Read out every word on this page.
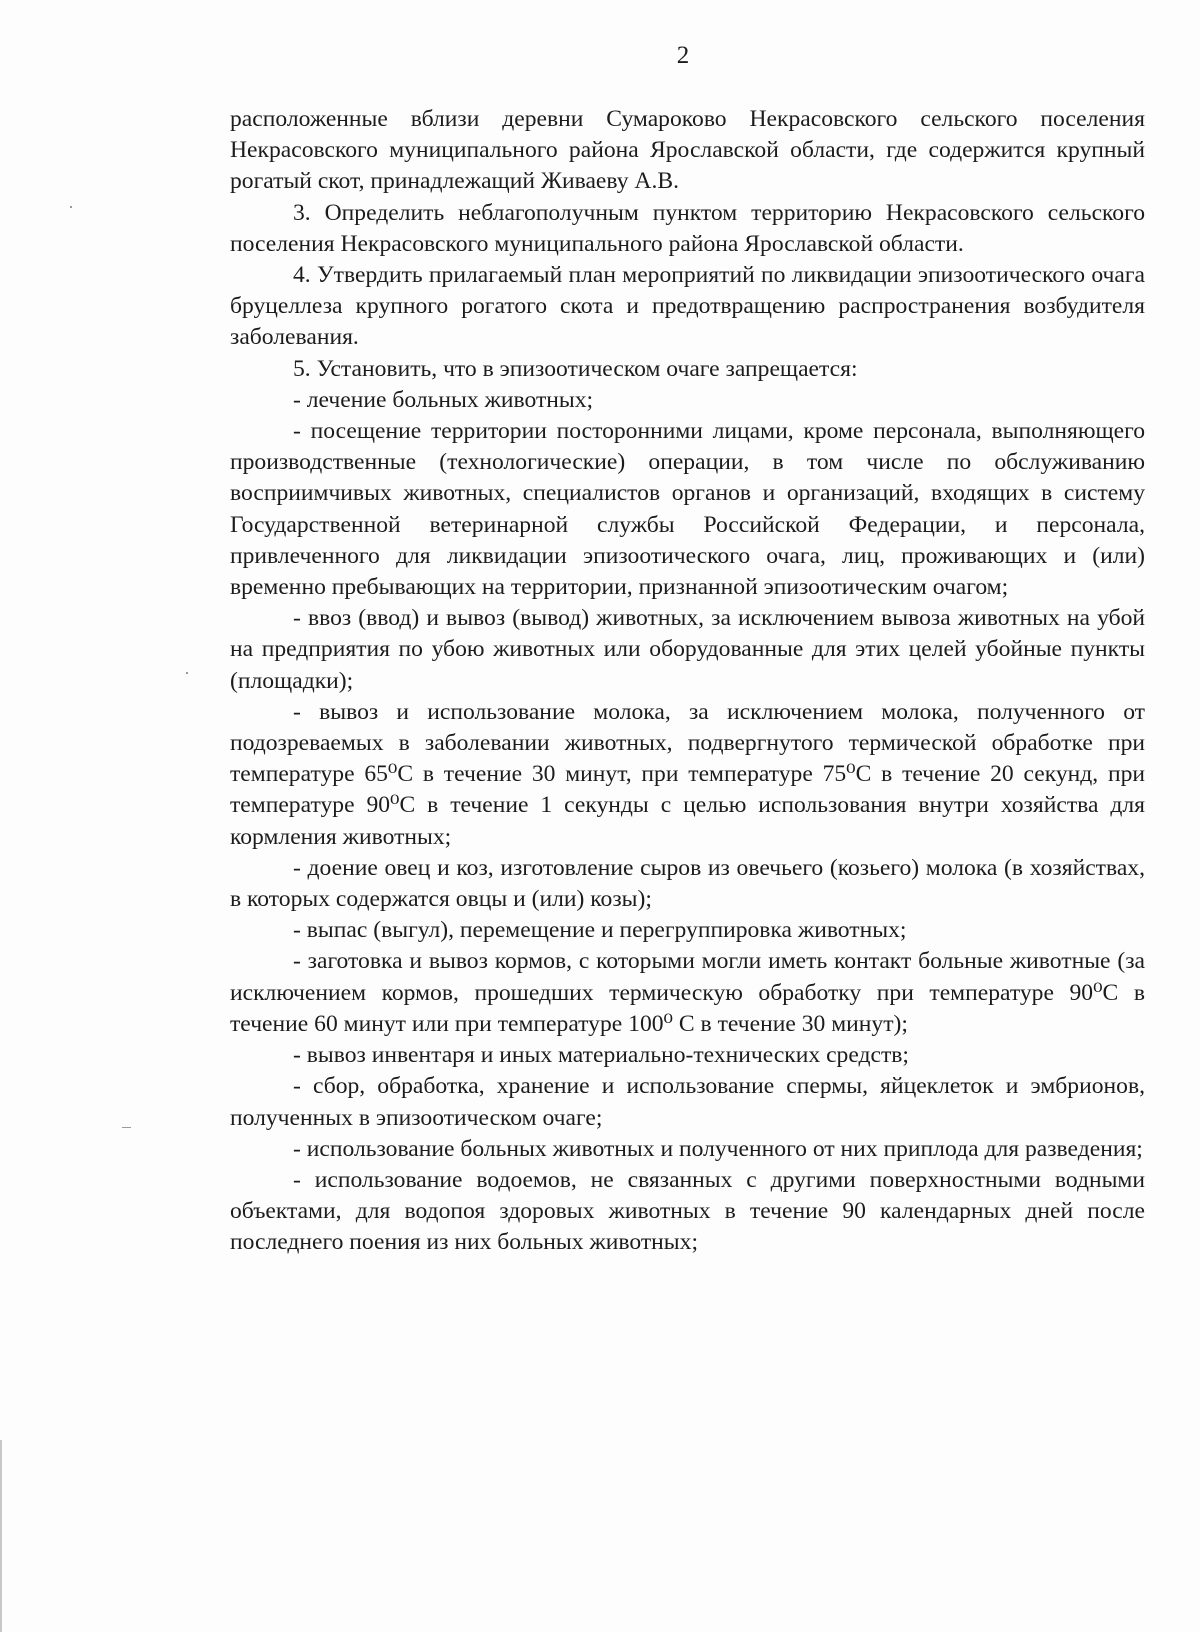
2

расположенные вблизи деревни Сумароково Некрасовского сельского поселения Некрасовского муниципального района Ярославской области, где содержится крупный рогатый скот, принадлежащий Живаеву А.В.

3. Определить неблагополучным пунктом территорию Некрасовского сельского поселения Некрасовского муниципального района Ярославской области.

4. Утвердить прилагаемый план мероприятий по ликвидации эпизоотического очага бруцеллеза крупного рогатого скота и предотвращению распространения возбудителя заболевания.

5. Установить, что в эпизоотическом очаге запрещается:

- лечение больных животных;

- посещение территории посторонними лицами, кроме персонала, выполняющего производственные (технологические) операции, в том числе по обслуживанию восприимчивых животных, специалистов органов и организаций, входящих в систему Государственной ветеринарной службы Российской Федерации, и персонала, привлеченного для ликвидации эпизоотического очага, лиц, проживающих и (или) временно пребывающих на территории, признанной эпизоотическим очагом;

- ввоз (ввод) и вывоз (вывод) животных, за исключением вывоза животных на убой на предприятия по убою животных или оборудованные для этих целей убойные пункты (площадки);

- вывоз и использование молока, за исключением молока, полученного от подозреваемых в заболевании животных, подвергнутого термической обработке при температуре 65⁰С в течение 30 минут, при температуре 75⁰С в течение 20 секунд, при температуре 90⁰С в течение 1 секунды с целью использования внутри хозяйства для кормления животных;

- доение овец и коз, изготовление сыров из овечьего (козьего) молока (в хозяйствах, в которых содержатся овцы и (или) козы);

- выпас (выгул), перемещение и перегруппировка животных;

- заготовка и вывоз кормов, с которыми могли иметь контакт больные животные (за исключением кормов, прошедших термическую обработку при температуре 90⁰С в течение 60 минут или при температуре 100⁰ С в течение 30 минут);

- вывоз инвентаря и иных материально-технических средств;

- сбор, обработка, хранение и использование спермы, яйцеклеток и эмбрионов, полученных в эпизоотическом очаге;

- использование больных животных и полученного от них приплода для разведения;

- использование водоемов, не связанных с другими поверхностными водными объектами, для водопоя здоровых животных в течение 90 календарных дней после последнего поения из них больных животных;
